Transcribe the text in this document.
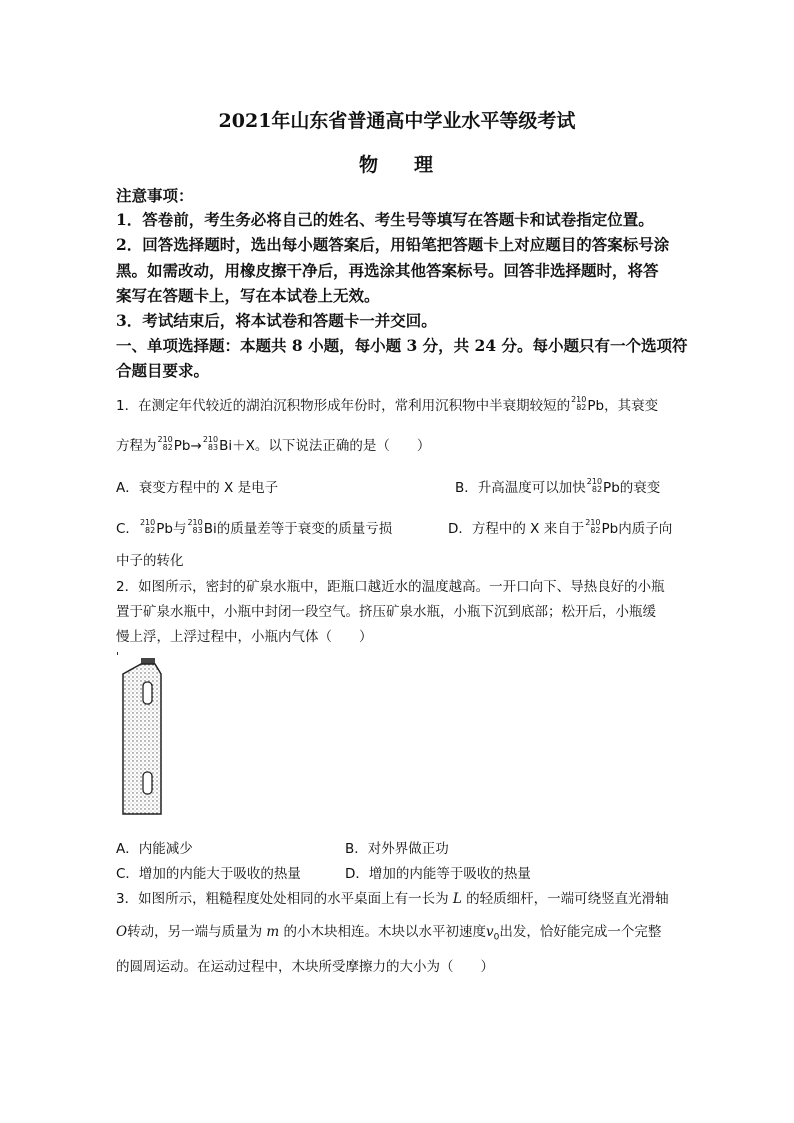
2021年山东省普通高中学业水平等级考试
物 理
注意事项：
1．答卷前，考生务必将自己的姓名、考生号等填写在答题卡和试卷指定位置。
2．回答选择题时，选出每小题答案后，用铅笔把答题卡上对应题目的答案标号涂
黑。如需改动，用橡皮擦干净后，再选涂其他答案标号。回答非选择题时，将答
案写在答题卡上，写在本试卷上无效。
3．考试结束后，将本试卷和答题卡一并交回。
一、单项选择题：本题共 8 小题，每小题 3 分，共 24 分。每小题只有一个选项符
合题目要求。
1．在测定年代较近的湖泊沉积物形成年份时，常利用沉积物中半衰期较短的 210
82 Pb，其衰变
方程为 210
82 Pb→ 210
83 Bi＋X。以下说法正确的是（　　）
A．衰变方程中的 X 是电子	B．升高温度可以加快 210
82 Pb的衰变
C． 210
82 Pb与 210
83 Bi的质量差等于衰变的质量亏损	D．方程中的 X 来自于 210
82 Pb内质子向
中子的转化
2．如图所示，密封的矿泉水瓶中，距瓶口越近水的温度越高。一开口向下、导热良好的小瓶
置于矿泉水瓶中，小瓶中封闭一段空气。挤压矿泉水瓶，小瓶下沉到底部；松开后，小瓶缓
慢上浮，上浮过程中，小瓶内气体（　　）
A．内能减少	B．对外界做正功
C．增加的内能大于吸收的热量	D．增加的内能等于吸收的热量
3．如图所示，粗糙程度处处相同的水平桌面上有一长为 L 的轻质细杆，一端可绕竖直光滑轴
O转动，另一端与质量为 m 的小木块相连。木块以水平初速度$v_0$出发，恰好能完成一个完整
的圆周运动。在运动过程中，木块所受摩擦力的大小为（　　）
